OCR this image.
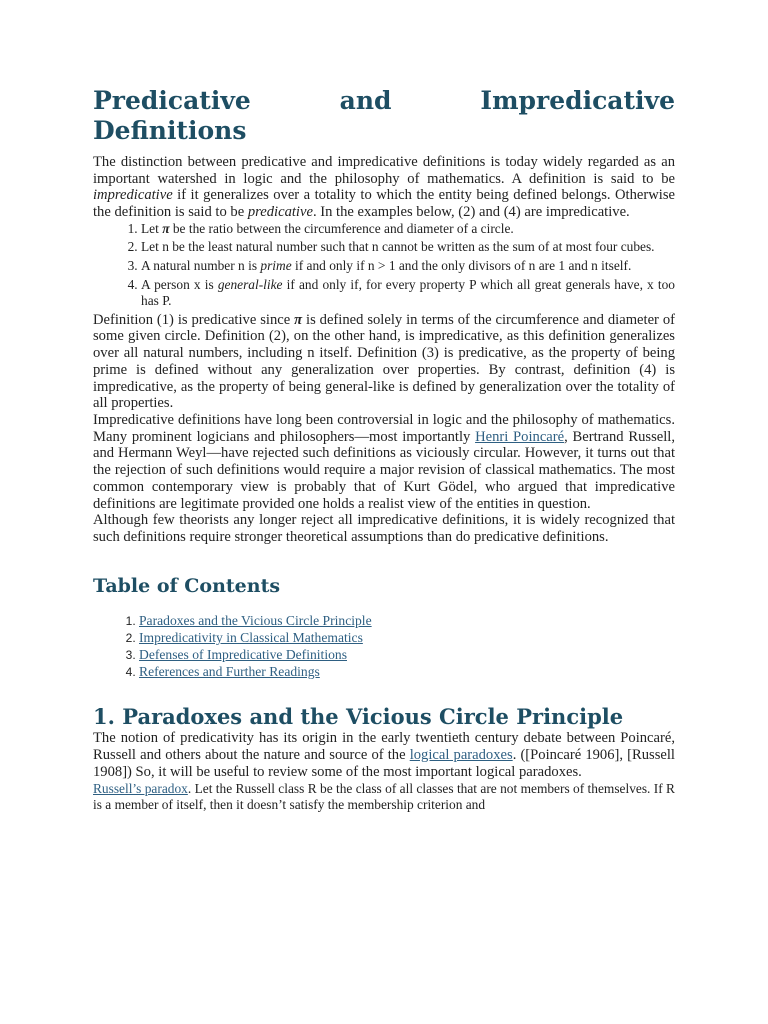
Predicative	and	Impredicative
Definitions

The distinction between predicative and impredicative definitions is today widely regarded as an important watershed in logic and the philosophy of mathematics. A definition is said to be impredicative if it generalizes over a totality to which the entity being defined belongs. Otherwise the definition is said to be predicative. In the examples below, (2) and (4) are impredicative.

1. Let π be the ratio between the circumference and diameter of a circle.
2. Let n be the least natural number such that n cannot be written as the sum of at most four cubes.
3. A natural number n is prime if and only if n > 1 and the only divisors of n are 1 and n itself.
4. A person x is general-like if and only if, for every property P which all great generals have, x too has P.

Definition (1) is predicative since π is defined solely in terms of the circumference and diameter of some given circle. Definition (2), on the other hand, is impredicative, as this definition generalizes over all natural numbers, including n itself. Definition (3) is predicative, as the property of being prime is defined without any generalization over properties. By contrast, definition (4) is impredicative, as the property of being general-like is defined by generalization over the totality of all properties.

Impredicative definitions have long been controversial in logic and the philosophy of mathematics. Many prominent logicians and philosophers—most importantly Henri Poincaré, Bertrand Russell, and Hermann Weyl—have rejected such definitions as viciously circular. However, it turns out that the rejection of such definitions would require a major revision of classical mathematics. The most common contemporary view is probably that of Kurt Gödel, who argued that impredicative definitions are legitimate provided one holds a realist view of the entities in question.

Although few theorists any longer reject all impredicative definitions, it is widely recognized that such definitions require stronger theoretical assumptions than do predicative definitions.

Table of Contents
1. Paradoxes and the Vicious Circle Principle
2. Impredicativity in Classical Mathematics
3. Defenses of Impredicative Definitions
4. References and Further Readings
1. Paradoxes and the Vicious Circle Principle

The notion of predicativity has its origin in the early twentieth century debate between Poincaré, Russell and others about the nature and source of the logical paradoxes. ([Poincaré 1906], [Russell 1908]) So, it will be useful to review some of the most important logical paradoxes.

Russell’s paradox. Let the Russell class R be the class of all classes that are not members of themselves. If R is a member of itself, then it doesn’t satisfy the membership criterion and
